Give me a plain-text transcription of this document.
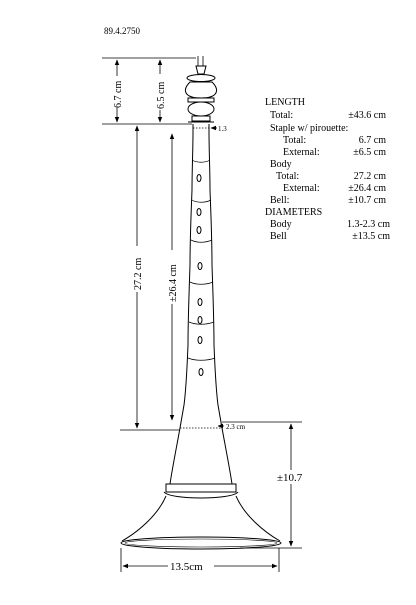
89.4.2750
6.7 cm	6.5 cm
1.3
27.2 cm ±26.4 cm
2.3 cm
±10.7
13.5cm
LENGTH
Total:	±43.6 cm
Staple w/ pirouette:
Total:	6.7 cm
External:	±6.5 cm
Body
Total:	27.2 cm
External:	±26.4 cm
Bell:	±10.7 cm
DIAMETERS
Body	1.3-2.3 cm
Bell	±13.5 cm
